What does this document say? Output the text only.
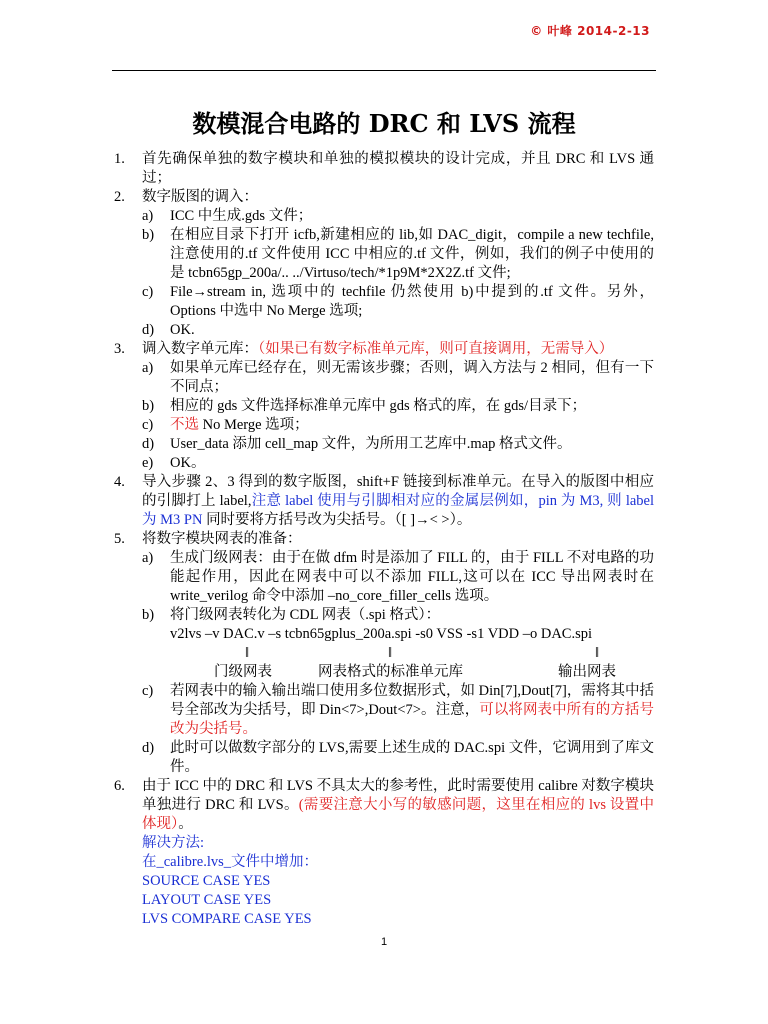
© 叶峰 2014-2-13
数模混合电路的 DRC 和 LVS 流程
1. 首先确保单独的数字模块和单独的模拟模块的设计完成，并且 DRC 和 LVS 通过；
2. 数字版图的调入：
a) ICC 中生成.gds 文件；
b) 在相应目录下打开 icfb,新建相应的 lib,如 DAC_digit，compile a new techfile,注意使用的.tf 文件使用 ICC 中相应的.tf 文件，例如，我们的例子中使用的是 tcbn65gp_200a/.. ../Virtuso/tech/*1p9M*2X2Z.tf 文件;
c) File→stream in, 选项中的 techfile 仍然使用 b)中提到的.tf 文件。另外，Options 中选中 No Merge 选项;
d) OK.
3. 调入数字单元库：（如果已有数字标准单元库，则可直接调用，无需导入）
a) 如果单元库已经存在，则无需该步骤；否则，调入方法与 2 相同，但有一下不同点；
b) 相应的 gds 文件选择标准单元库中 gds 格式的库，在 gds/目录下；
c) 不选 No Merge 选项；
d) User_data 添加 cell_map 文件，为所用工艺库中.map 格式文件。
e) OK。
4. 导入步骤 2、3 得到的数字版图，shift+F 链接到标准单元。在导入的版图中相应的引脚打上 label,注意 label 使用与引脚相对应的金属层例如，pin 为 M3, 则 label 为 M3 PN 同时要将方括号改为尖括号。（[ ]→< >）。
5. 将数字模块网表的准备：
a) 生成门级网表：由于在做 dfm 时是添加了 FILL 的，由于 FILL 不对电路的功能起作用，因此在网表中可以不添加 FILL,这可以在 ICC 导出网表时在 write_verilog 命令中添加 –no_core_filler_cells 选项。
b) 将门级网表转化为 CDL 网表（.spi 格式）：
v2lvs –v DAC.v –s tcbn65gplus_200a.spi -s0 VSS -s1 VDD –o DAC.spi
‖	‖	‖
门级网表	网表格式的标准单元库	输出网表
c) 若网表中的输入输出端口使用多位数据形式，如 Din[7],Dout[7]，需将其中括号全部改为尖括号，即 Din<7>,Dout<7>。注意，可以将网表中所有的方括号改为尖括号。
d) 此时可以做数字部分的 LVS,需要上述生成的 DAC.spi 文件，它调用到了库文件。
6. 由于 ICC 中的 DRC 和 LVS 不具太大的参考性，此时需要使用 calibre 对数字模块单独进行 DRC 和 LVS。(需要注意大小写的敏感问题，这里在相应的 lvs 设置中体现）。
解决方法:
在_calibre.lvs_文件中增加：
SOURCE CASE YES
LAYOUT CASE YES
LVS COMPARE CASE YES
1
